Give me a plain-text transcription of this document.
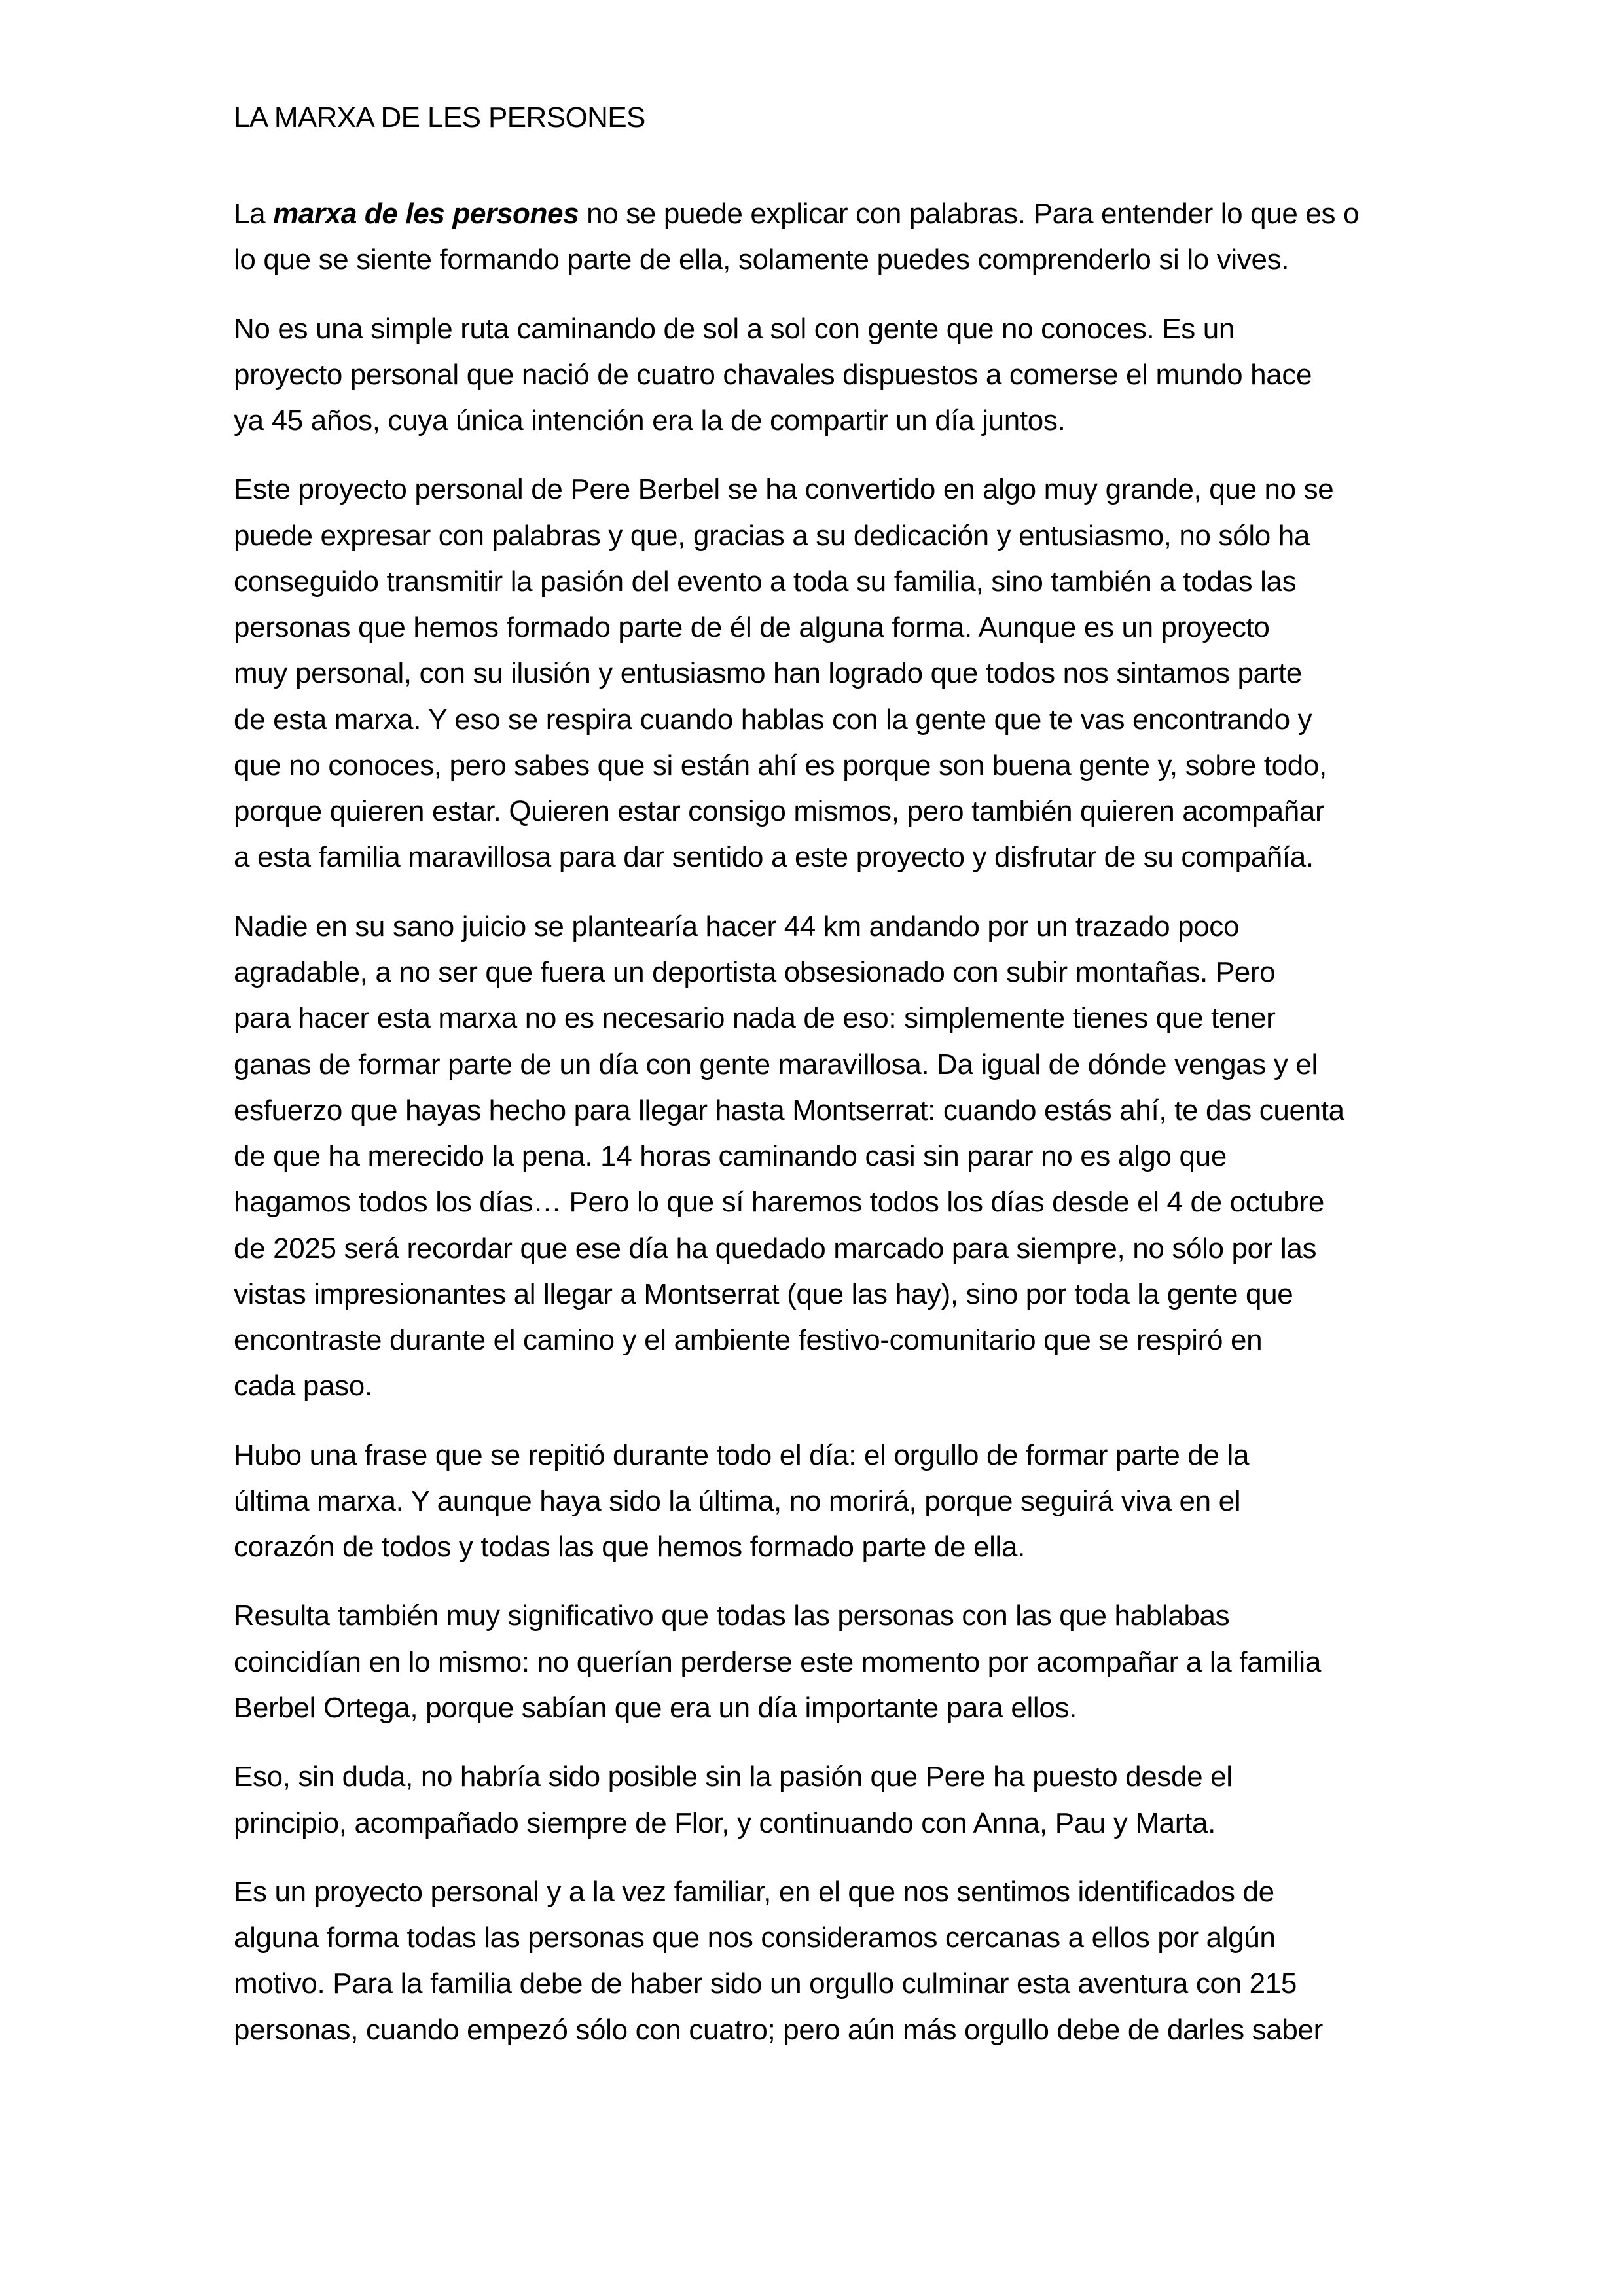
LA MARXA DE LES PERSONES

La marxa de les persones no se puede explicar con palabras. Para entender lo que es o
lo que se siente formando parte de ella, solamente puedes comprenderlo si lo vives.

No es una simple ruta caminando de sol a sol con gente que no conoces. Es un
proyecto personal que nació de cuatro chavales dispuestos a comerse el mundo hace
ya 45 años, cuya única intención era la de compartir un día juntos.

Este proyecto personal de Pere Berbel se ha convertido en algo muy grande, que no se
puede expresar con palabras y que, gracias a su dedicación y entusiasmo, no sólo ha
conseguido transmitir la pasión del evento a toda su familia, sino también a todas las
personas que hemos formado parte de él de alguna forma. Aunque es un proyecto
muy personal, con su ilusión y entusiasmo han logrado que todos nos sintamos parte
de esta marxa. Y eso se respira cuando hablas con la gente que te vas encontrando y
que no conoces, pero sabes que si están ahí es porque son buena gente y, sobre todo,
porque quieren estar. Quieren estar consigo mismos, pero también quieren acompañar
a esta familia maravillosa para dar sentido a este proyecto y disfrutar de su compañía.

Nadie en su sano juicio se plantearía hacer 44 km andando por un trazado poco
agradable, a no ser que fuera un deportista obsesionado con subir montañas. Pero
para hacer esta marxa no es necesario nada de eso: simplemente tienes que tener
ganas de formar parte de un día con gente maravillosa. Da igual de dónde vengas y el
esfuerzo que hayas hecho para llegar hasta Montserrat: cuando estás ahí, te das cuenta
de que ha merecido la pena. 14 horas caminando casi sin parar no es algo que
hagamos todos los días… Pero lo que sí haremos todos los días desde el 4 de octubre
de 2025 será recordar que ese día ha quedado marcado para siempre, no sólo por las
vistas impresionantes al llegar a Montserrat (que las hay), sino por toda la gente que
encontraste durante el camino y el ambiente festivo-comunitario que se respiró en
cada paso.

Hubo una frase que se repitió durante todo el día: el orgullo de formar parte de la
última marxa. Y aunque haya sido la última, no morirá, porque seguirá viva en el
corazón de todos y todas las que hemos formado parte de ella.

Resulta también muy significativo que todas las personas con las que hablabas
coincidían en lo mismo: no querían perderse este momento por acompañar a la familia
Berbel Ortega, porque sabían que era un día importante para ellos.

Eso, sin duda, no habría sido posible sin la pasión que Pere ha puesto desde el
principio, acompañado siempre de Flor, y continuando con Anna, Pau y Marta.

Es un proyecto personal y a la vez familiar, en el que nos sentimos identificados de
alguna forma todas las personas que nos consideramos cercanas a ellos por algún
motivo. Para la familia debe de haber sido un orgullo culminar esta aventura con 215
personas, cuando empezó sólo con cuatro; pero aún más orgullo debe de darles saber
